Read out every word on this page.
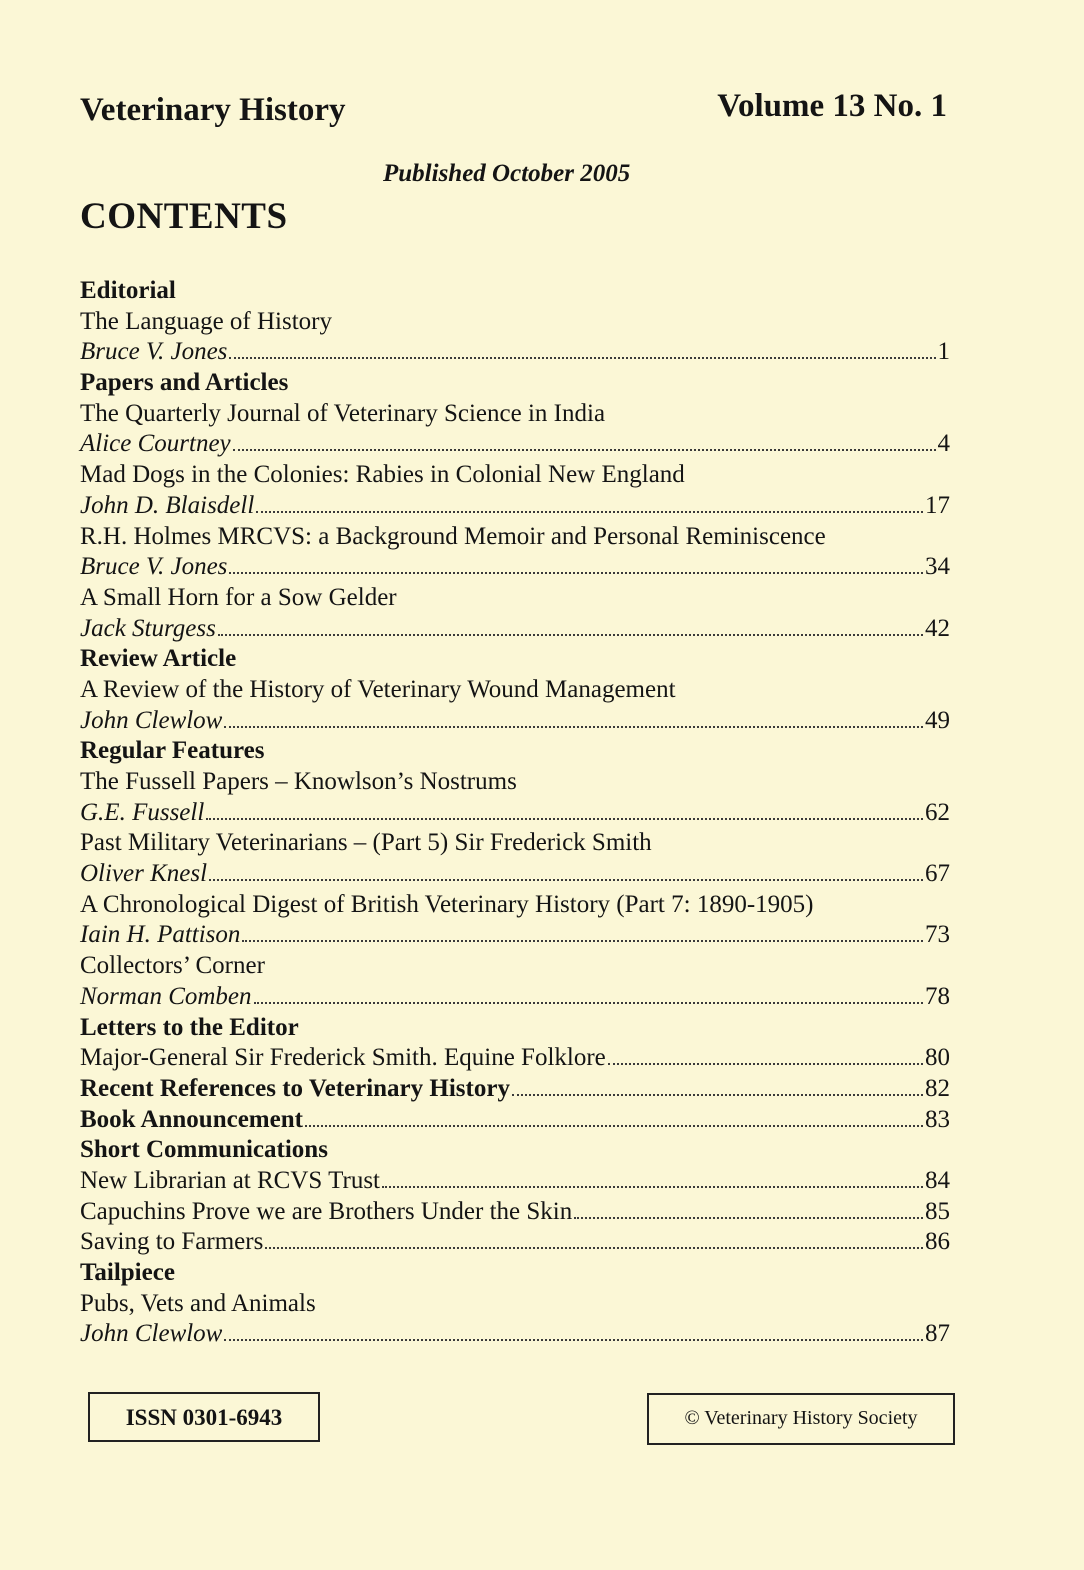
Veterinary History	Volume 13 No. 1
Published October 2005
CONTENTS
Editorial
The Language of History
Bruce V. Jones	1
Papers and Articles
The Quarterly Journal of Veterinary Science in India
Alice Courtney	4
Mad Dogs in the Colonies: Rabies in Colonial New England
John D. Blaisdell	17
R.H. Holmes MRCVS: a Background Memoir and Personal Reminiscence
Bruce V. Jones	34
A Small Horn for a Sow Gelder
Jack Sturgess	42
Review Article
A Review of the History of Veterinary Wound Management
John Clewlow	49
Regular Features
The Fussell Papers – Knowlson’s Nostrums
G.E. Fussell	62
Past Military Veterinarians – (Part 5) Sir Frederick Smith
Oliver Knesl	67
A Chronological Digest of British Veterinary History (Part 7: 1890-1905)
Iain H. Pattison	73
Collectors’ Corner
Norman Comben	78
Letters to the Editor
Major-General Sir Frederick Smith. Equine Folklore	80
Recent References to Veterinary History	82
Book Announcement	83
Short Communications
New Librarian at RCVS Trust	84
Capuchins Prove we are Brothers Under the Skin	85
Saving to Farmers	86
Tailpiece
Pubs, Vets and Animals
John Clewlow	87
ISSN 0301-6943	© Veterinary History Society
